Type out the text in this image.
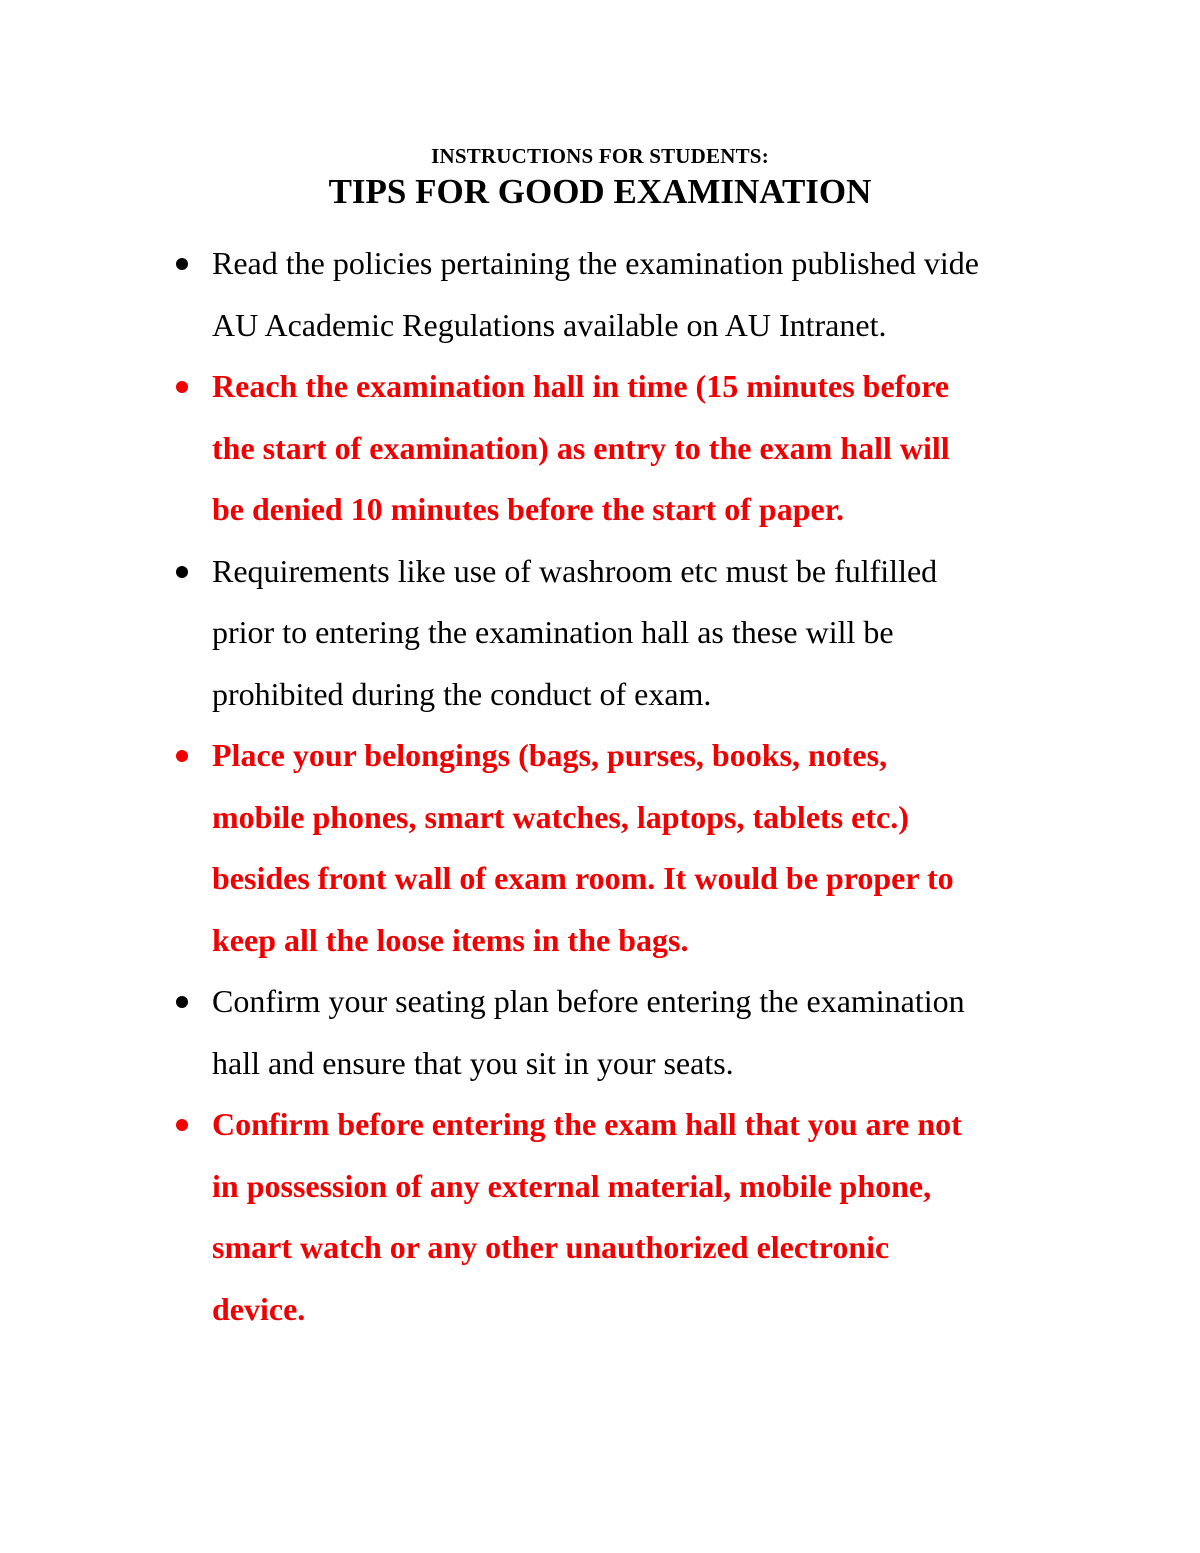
INSTRUCTIONS FOR STUDENTS:
TIPS FOR GOOD EXAMINATION
Read the policies pertaining the examination published vide
AU Academic Regulations available on AU Intranet.
Reach the examination hall in time (15 minutes before
the start of examination) as entry to the exam hall will
be denied 10 minutes before the start of paper.
Requirements like use of washroom etc must be fulfilled
prior to entering the examination hall as these will be
prohibited during the conduct of exam.
Place your belongings (bags, purses, books, notes,
mobile phones, smart watches, laptops, tablets etc.)
besides front wall of exam room. It would be proper to
keep all the loose items in the bags.
Confirm your seating plan before entering the examination
hall and ensure that you sit in your seats.
Confirm before entering the exam hall that you are not
in possession of any external material, mobile phone,
smart watch or any other unauthorized electronic
device.
